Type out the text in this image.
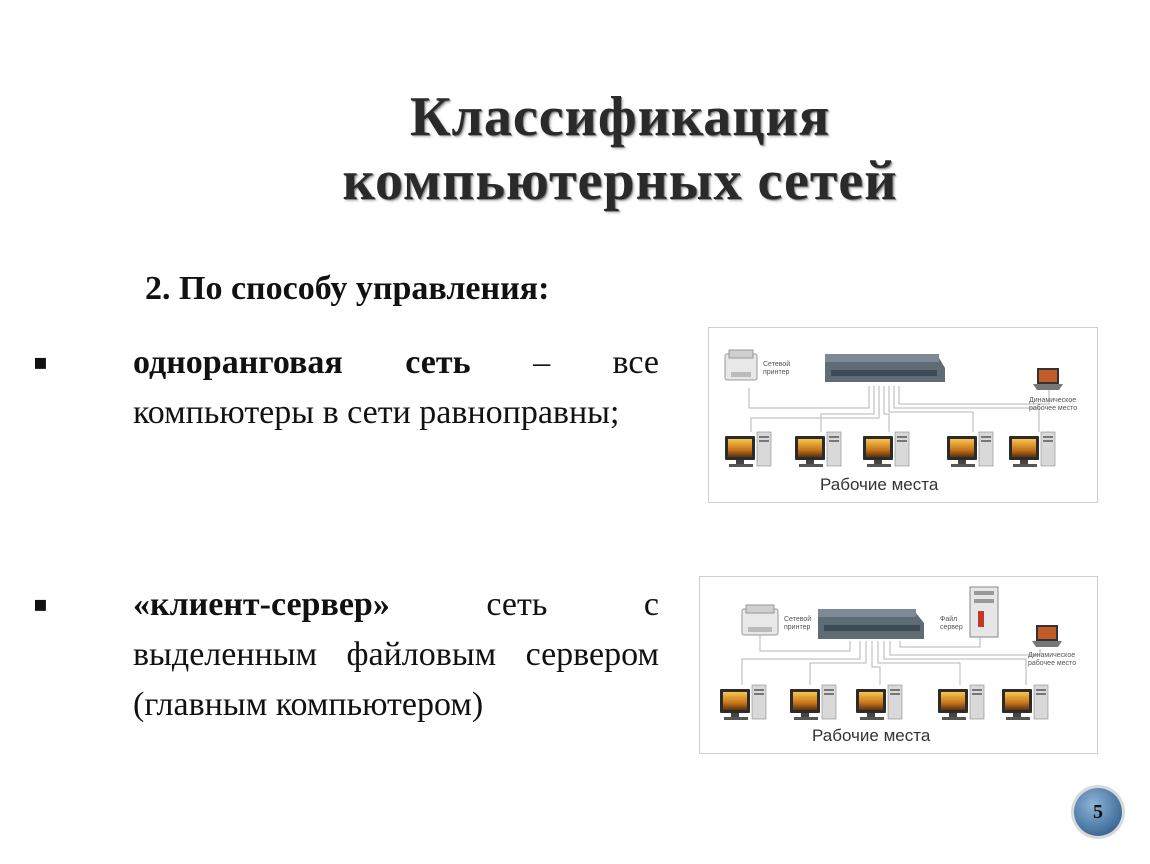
Классификация
компьютерных сетей
2. По способу управления:
▪	одноранговая сеть – все компьютеры в сети равноправны;
▪	«клиент-сервер» сеть с выделенным файловым сервером (главным компьютером)
Сетевой
принтер
Динамическое
рабочее место
Рабочие места
Сетевой
принтер
Файл
сервер
Динамическое
рабочее место
Рабочие места
5
